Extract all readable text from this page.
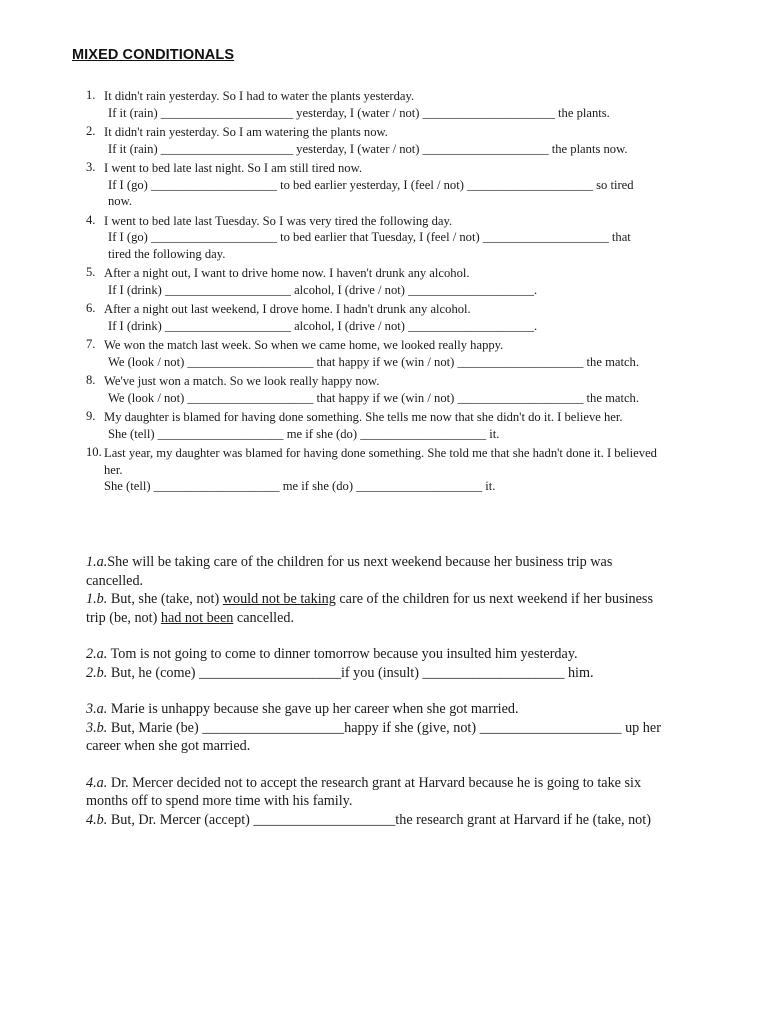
MIXED CONDITIONALS
1. It didn't rain yesterday. So I had to water the plants yesterday.
If it (rain) _____________________ yesterday, I (water / not) _____________________ the plants.
2. It didn't rain yesterday. So I am watering the plants now.
If it (rain) _____________________ yesterday, I (water / not) ____________________ the plants now.
3. I went to bed late last night. So I am still tired now.
If I (go) ____________________ to bed earlier yesterday, I (feel / not) ____________________ so tired
now.
4. I went to bed late last Tuesday. So I was very tired the following day.
If I (go) ____________________ to bed earlier that Tuesday, I (feel / not) ____________________ that
tired the following day.
5. After a night out, I want to drive home now. I haven't drunk any alcohol.
If I (drink) ____________________ alcohol, I (drive / not) ____________________.
6. After a night out last weekend, I drove home. I hadn't drunk any alcohol.
If I (drink) ____________________ alcohol, I (drive / not) ____________________.
7. We won the match last week. So when we came home, we looked really happy.
We (look / not) ____________________ that happy if we (win / not) ____________________ the match.
8. We've just won a match. So we look really happy now.
We (look / not) ____________________ that happy if we (win / not) ____________________ the match.
9. My daughter is blamed for having done something. She tells me now that she didn't do it. I believe her.
She (tell) ____________________ me if she (do) ____________________ it.
10. Last year, my daughter was blamed for having done something. She told me that she hadn't done it. I believed
her.
She (tell) ____________________ me if she (do) ____________________ it.
1.a.She will be taking care of the children for us next weekend because her business trip was
cancelled.
1.b. But, she (take, not) would not be taking care of the children for us next weekend if her business
trip (be, not) had not been cancelled.
2.a. Tom is not going to come to dinner tomorrow because you insulted him yesterday.
2.b. But, he (come) ____________________if you (insult) ____________________ him.
3.a. Marie is unhappy because she gave up her career when she got married.
3.b. But, Marie (be) ____________________happy if she (give, not) ____________________ up her
career when she got married.
4.a. Dr. Mercer decided not to accept the research grant at Harvard because he is going to take six
months off to spend more time with his family.
4.b. But, Dr. Mercer (accept) ____________________the research grant at Harvard if he (take, not)
